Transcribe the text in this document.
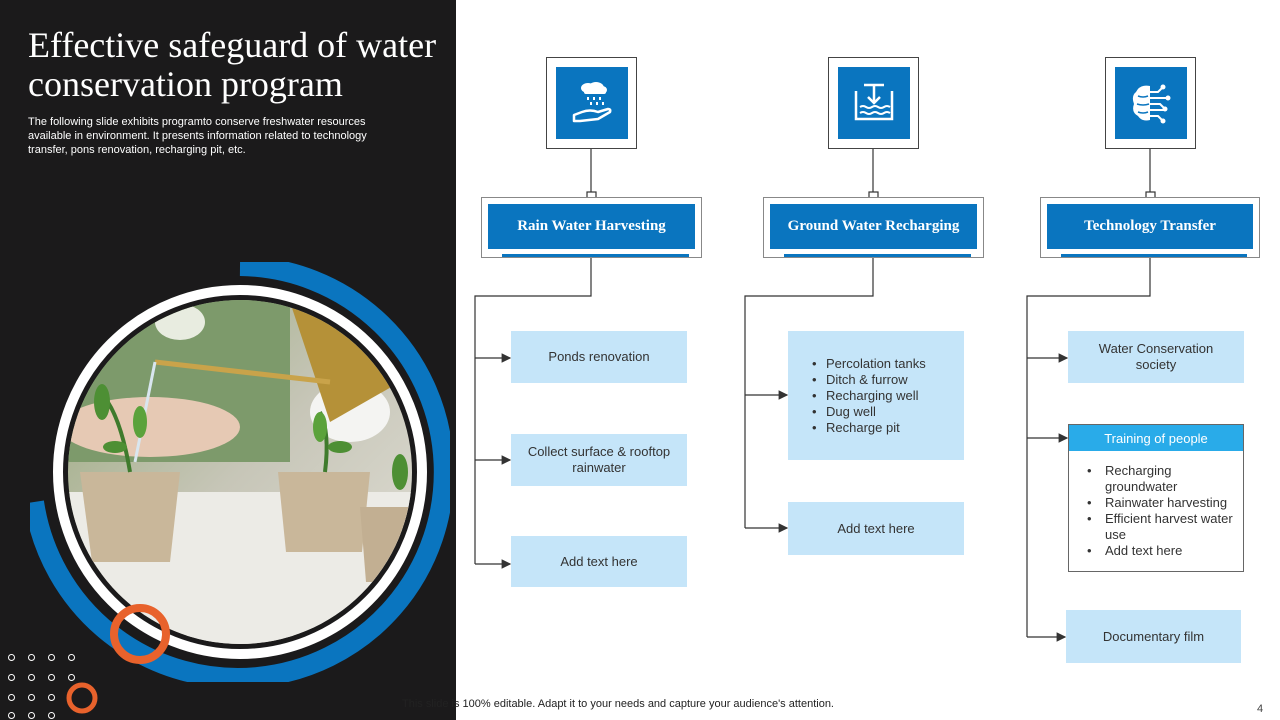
Effective safeguard of water conservation program
The following slide exhibits programto conserve freshwater resources available in environment. It presents information related to technology transfer, pons renovation, recharging pit, etc.
Rain Water Harvesting	Ground Water Recharging	Technology Transfer
Ponds renovation
Collect surface & rooftop rainwater
Add text here
• Percolation tanks
• Ditch & furrow
• Recharging well
• Dug well
• Recharge pit
Add text here
Water Conservation society
Training of people
• Recharging groundwater
• Rainwater harvesting
• Efficient harvest water use
• Add text here
Documentary film
This slide is 100% editable. Adapt it to your needs and capture your audience's attention.	4
